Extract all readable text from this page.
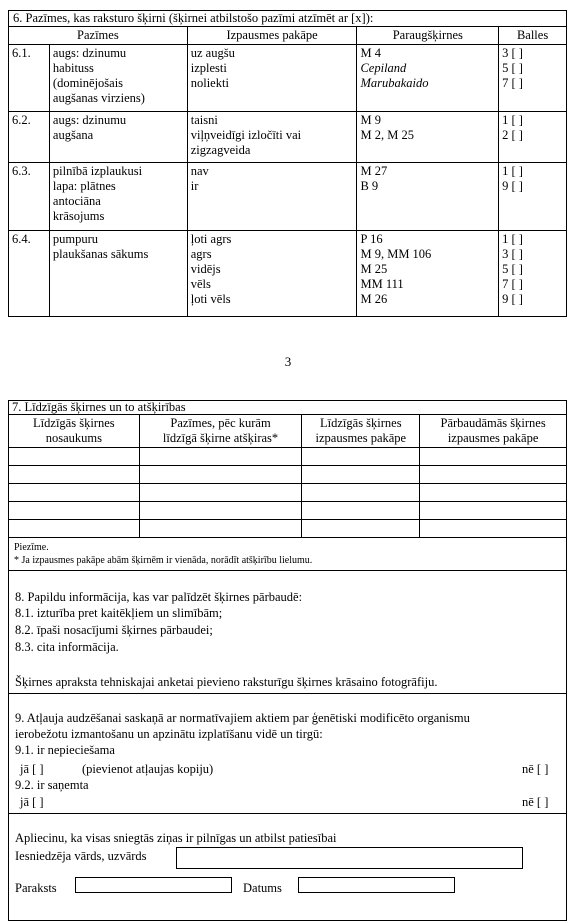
6. Pazīmes, kas raksturo šķirni (šķirnei atbilstošo pazīmi atzīmēt ar [x]):				
Pazīmes		Izpausmes pakāpe	Paraugšķirnes	Balles
6.1.	augs: dzinumu
habituss
(dominējošais
augšanas virziens)	uz augšu
izplesti
noliekti	M 4
Cepiland
Marubakaido	3 [ ]
5 [ ]
7 [ ]

6.2.	augs: dzinumu
augšana	taisni
viļņveidīgi izločīti vai
zigzagveida	M 9
M 2, M 25	1 [ ]
2 [ ]

6.3.	pilnībā izplaukusi
lapa: plātnes
antociāna
krāsojums	nav
ir	M 27
B 9	1 [ ]
9 [ ]

6.4.	pumpuru
plaukšanas sākums	ļoti agrs
agrs
vidējs
vēls
ļoti vēls	P 16
M 9, MM 106
M 25
MM 111
M 26	1 [ ]
3 [ ]
5 [ ]
7 [ ]
9 [ ]
3
7. Līdzīgās šķirnes un to atšķirības
Līdzīgās šķirnes
nosaukums	Pazīmes, pēc kurām
līdzīgā šķirne atšķiras*	Līdzīgās šķirnes
izpausmes pakāpe	Pārbaudāmās šķirnes
izpausmes pakāpe

Piezīme.
* Ja izpausmes pakāpe abām šķirnēm ir vienāda, norādīt atšķirību lielumu.
8. Papildu informācija, kas var palīdzēt šķirnes pārbaudē:
8.1. izturība pret kaitēkļiem un slimībām;
8.2. īpaši nosacījumi šķirnes pārbaudei;
8.3. cita informācija.
Šķirnes apraksta tehniskajai anketai pievieno raksturīgu šķirnes krāsaino fotogrāfiju.
9. Atļauja audzēšanai saskaņā ar normatīvajiem aktiem par ģenētiski modificēto organismu
ierobežotu izmantošanu un apzinātu izplatīšanu vidē un tirgū:
9.1. ir nepieciešama
jā [ ]	(pievienot atļaujas kopiju)	nē [ ]
9.2. ir saņemta
jā [ ]	nē [ ]
Apliecinu, ka visas sniegtās ziņas ir pilnīgas un atbilst patiesībai
Iesniedzēja vārds, uzvārds
Paraksts	Datums
